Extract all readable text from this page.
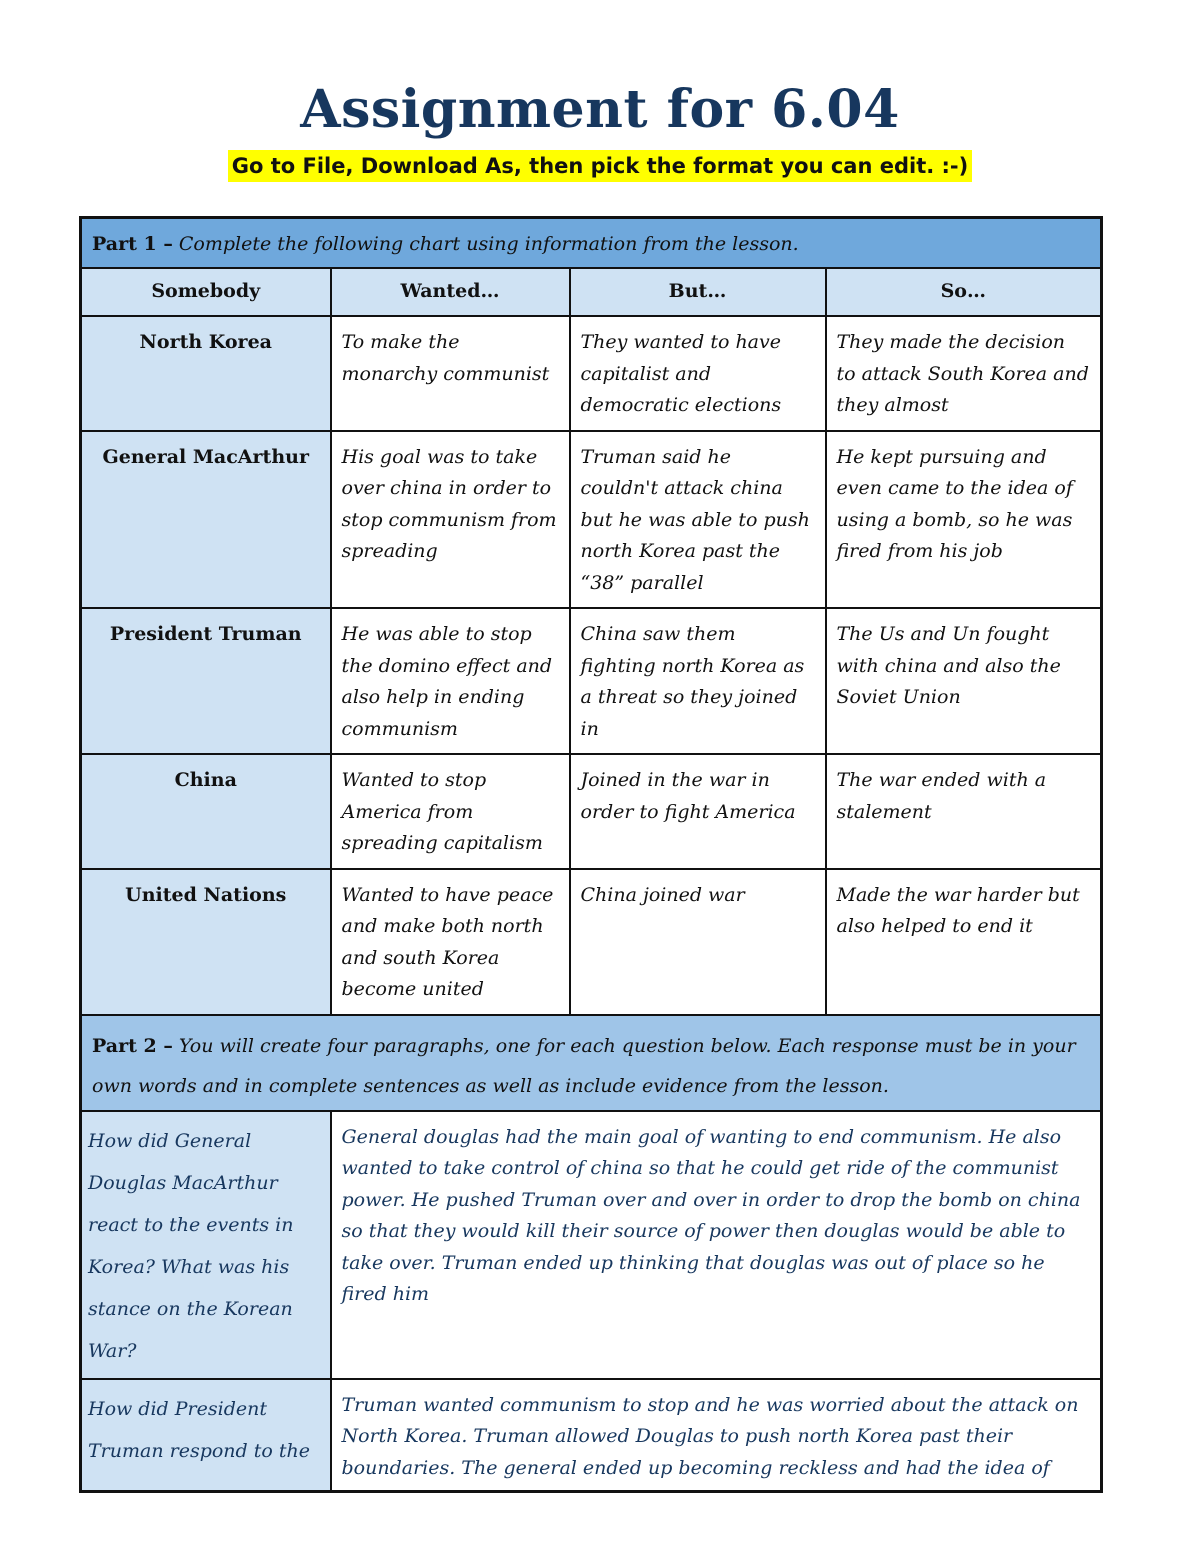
Assignment for 6.04
Go to File, Download As, then pick the format you can edit. :-)
Part 1 – Complete the following chart using information from the lesson.			
Somebody	Wanted…	But…	So…
North Korea	To make the monarchy communist	They wanted to have capitalist and democratic elections	They made the decision to attack South Korea and they almost
General MacArthur	His goal was to take over china in order to stop communism from spreading	Truman said he couldn't attack china but he was able to push north Korea past the “38” parallel	He kept pursuing and even came to the idea of using a bomb, so he was fired from his job
President Truman	He was able to stop the domino effect and also help in ending communism	China saw them fighting north Korea as a threat so they joined in	The Us and Un fought with china and also the Soviet Union
China	Wanted to stop America from spreading capitalism	Joined in the war in order to fight America	The war ended with a stalement
United Nations	Wanted to have peace and make both north and south Korea become united	China joined war	Made the war harder but also helped to end it
Part 2 – You will create four paragraphs, one for each question below. Each response must be in your own words and in complete sentences as well as include evidence from the lesson.			
How did General Douglas MacArthur react to the events in Korea? What was his stance on the Korean War?	General douglas had the main goal of wanting to end communism. He also wanted to take control of china so that he could get ride of the communist power. He pushed Truman over and over in order to drop the bomb on china so that they would kill their source of power then douglas would be able to take over. Truman ended up thinking that douglas was out of place so he fired him		
How did President Truman respond to the	Truman wanted communism to stop and he was worried about the attack on North Korea. Truman allowed Douglas to push north Korea past their boundaries. The general ended up becoming reckless and had the idea of		
